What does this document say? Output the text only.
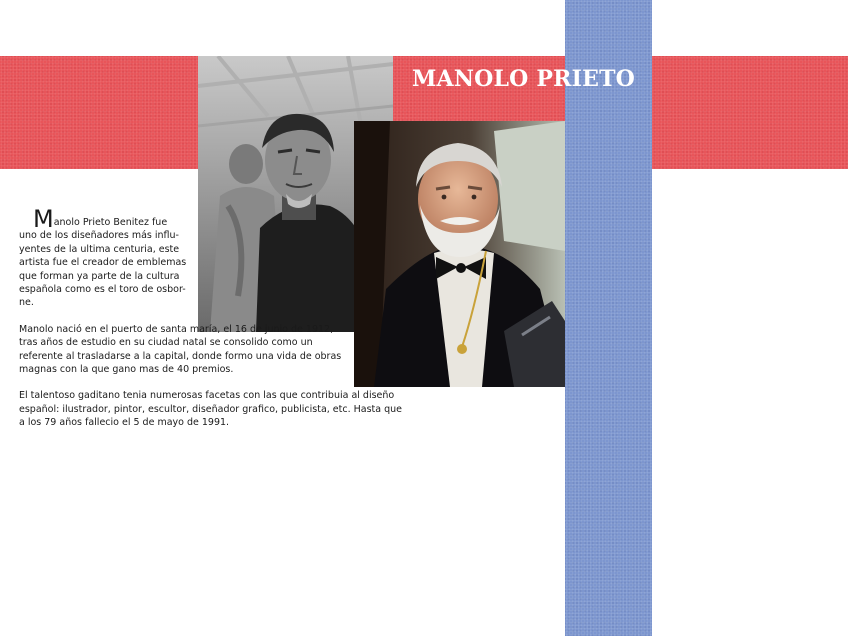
MANOLO PRIETO

Manolo Prieto Benitez fue uno de los diseñadores más influ- yentes de la ultima centuria, este artista fue el creador de emblemas que forman ya parte de la cultura española como es el toro de osbor- ne.

Manolo nació en el puerto de santa maría, el 16 de junio de 1912, tras años de estudio en su ciudad natal se consolido como un referente al trasladarse a la capital, donde formo una vida de obras magnas con la que gano mas de 40 premios.

El talentoso gaditano tenia numerosas facetas con las que contribuia al diseño español: ilustrador, pintor, escultor, diseñador grafico, publicista, etc. Hasta que a los 79 años fallecio el 5 de mayo de 1991.
